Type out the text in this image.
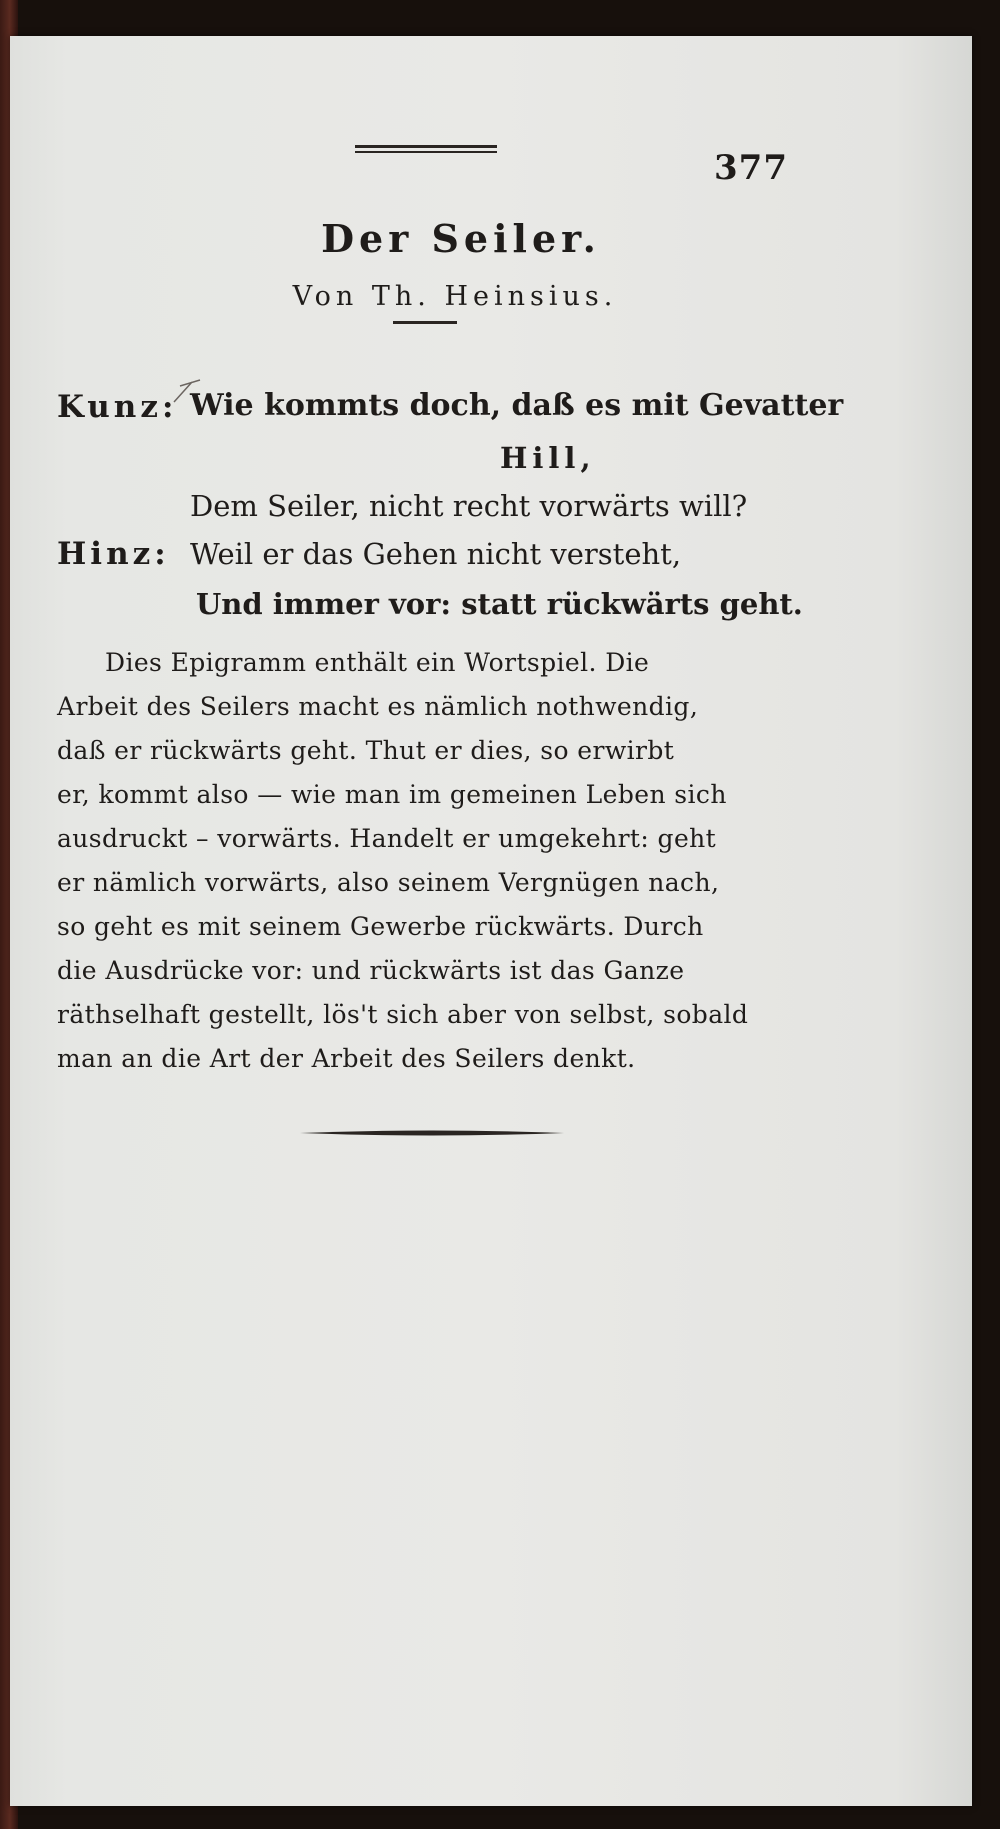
377
Der Seiler.
Von Th. Heinsius.
Kunz:
Hinz:
Wie kommts doch, daß es mit Gevatter
Hill,
Dem Seiler, nicht recht vorwärts will?
Weil er das Gehen nicht versteht,
Und immer vor: statt rückwärts geht.
Dies Epigramm enthält ein Wortspiel. Die
Arbeit des Seilers macht es nämlich nothwendig,
daß er rückwärts geht. Thut er dies, so erwirbt
er, kommt also — wie man im gemeinen Leben sich
ausdruckt – vorwärts. Handelt er umgekehrt: geht
er nämlich vorwärts, also seinem Vergnügen nach,
so geht es mit seinem Gewerbe rückwärts. Durch
die Ausdrücke vor: und rückwärts ist das Ganze
räthselhaft gestellt, lös't sich aber von selbst, sobald
man an die Art der Arbeit des Seilers denkt.
